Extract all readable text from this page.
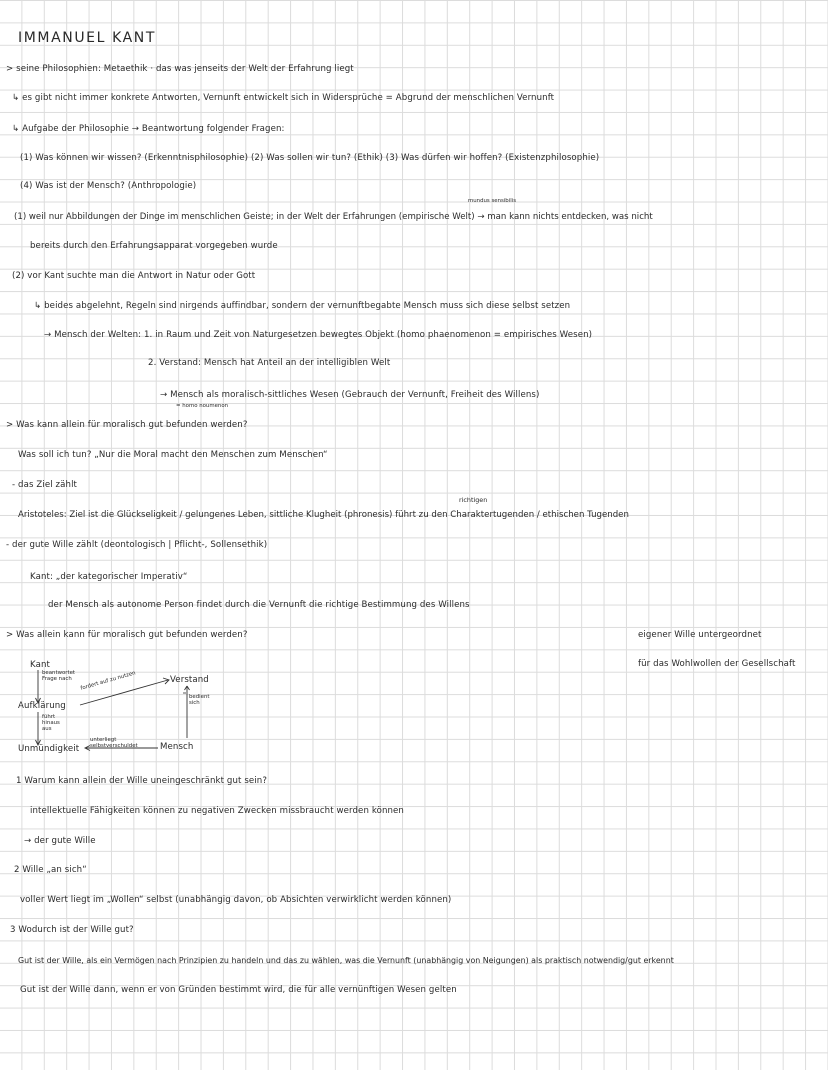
IMMANUEL KANT
> seine Philosophien: Metaethik · das was jenseits der Welt der Erfahrung liegt
↳ es gibt nicht immer konkrete Antworten, Vernunft entwickelt sich in Widersprüche = Abgrund der menschlichen Vernunft
↳ Aufgabe der Philosophie → Beantwortung folgender Fragen:
(1) Was können wir wissen? (Erkenntnisphilosophie) (2) Was sollen wir tun? (Ethik) (3) Was dürfen wir hoffen? (Existenzphilosophie)
(4) Was ist der Mensch? (Anthropologie)
mundus sensibilis
(1) weil nur Abbildungen der Dinge im menschlichen Geiste; in der Welt der Erfahrungen (empirische Welt) → man kann nichts entdecken, was nicht
bereits durch den Erfahrungsapparat vorgegeben wurde
(2) vor Kant suchte man die Antwort in Natur oder Gott
↳ beides abgelehnt, Regeln sind nirgends auffindbar, sondern der vernunftbegabte Mensch muss sich diese selbst setzen
→ Mensch der Welten: 1. in Raum und Zeit von Naturgesetzen bewegtes Objekt (homo phaenomenon = empirisches Wesen)
2. Verstand: Mensch hat Anteil an der intelligiblen Welt
→ Mensch als moralisch-sittliches Wesen (Gebrauch der Vernunft, Freiheit des Willens)
= homo noumenon
> Was kann allein für moralisch gut befunden werden?
Was soll ich tun? „Nur die Moral macht den Menschen zum Menschen“
- das Ziel zählt
richtigen
Aristoteles: Ziel ist die Glückseligkeit / gelungenes Leben, sittliche Klugheit (phronesis) führt zu den Charaktertugenden / ethischen Tugenden
- der gute Wille zählt (deontologisch | Pflicht-, Sollensethik)
Kant: „der kategorischer Imperativ“
der Mensch als autonome Person findet durch die Vernunft die richtige Bestimmung des Willens
> Was allein kann für moralisch gut befunden werden?	eigener Wille untergeordnet
für das Wohlwollen der Gesellschaft
Kant
beantwortet Frage nach
Aufklärung
fordert auf zu nutzen	Verstand
bedient sich
führt hinaus aus
Unmündigkeit
unterliegt selbstverschuldet	Mensch
1 Warum kann allein der Wille uneingeschränkt gut sein?
intellektuelle Fähigkeiten können zu negativen Zwecken missbraucht werden können
→ der gute Wille
2 Wille „an sich“
voller Wert liegt im „Wollen“ selbst (unabhängig davon, ob Absichten verwirklicht werden können)
3 Wodurch ist der Wille gut?
Gut ist der Wille, als ein Vermögen nach Prinzipien zu handeln und das zu wählen, was die Vernunft (unabhängig von Neigungen) als praktisch notwendig/gut erkennt
Gut ist der Wille dann, wenn er von Gründen bestimmt wird, die für alle vernünftigen Wesen gelten
